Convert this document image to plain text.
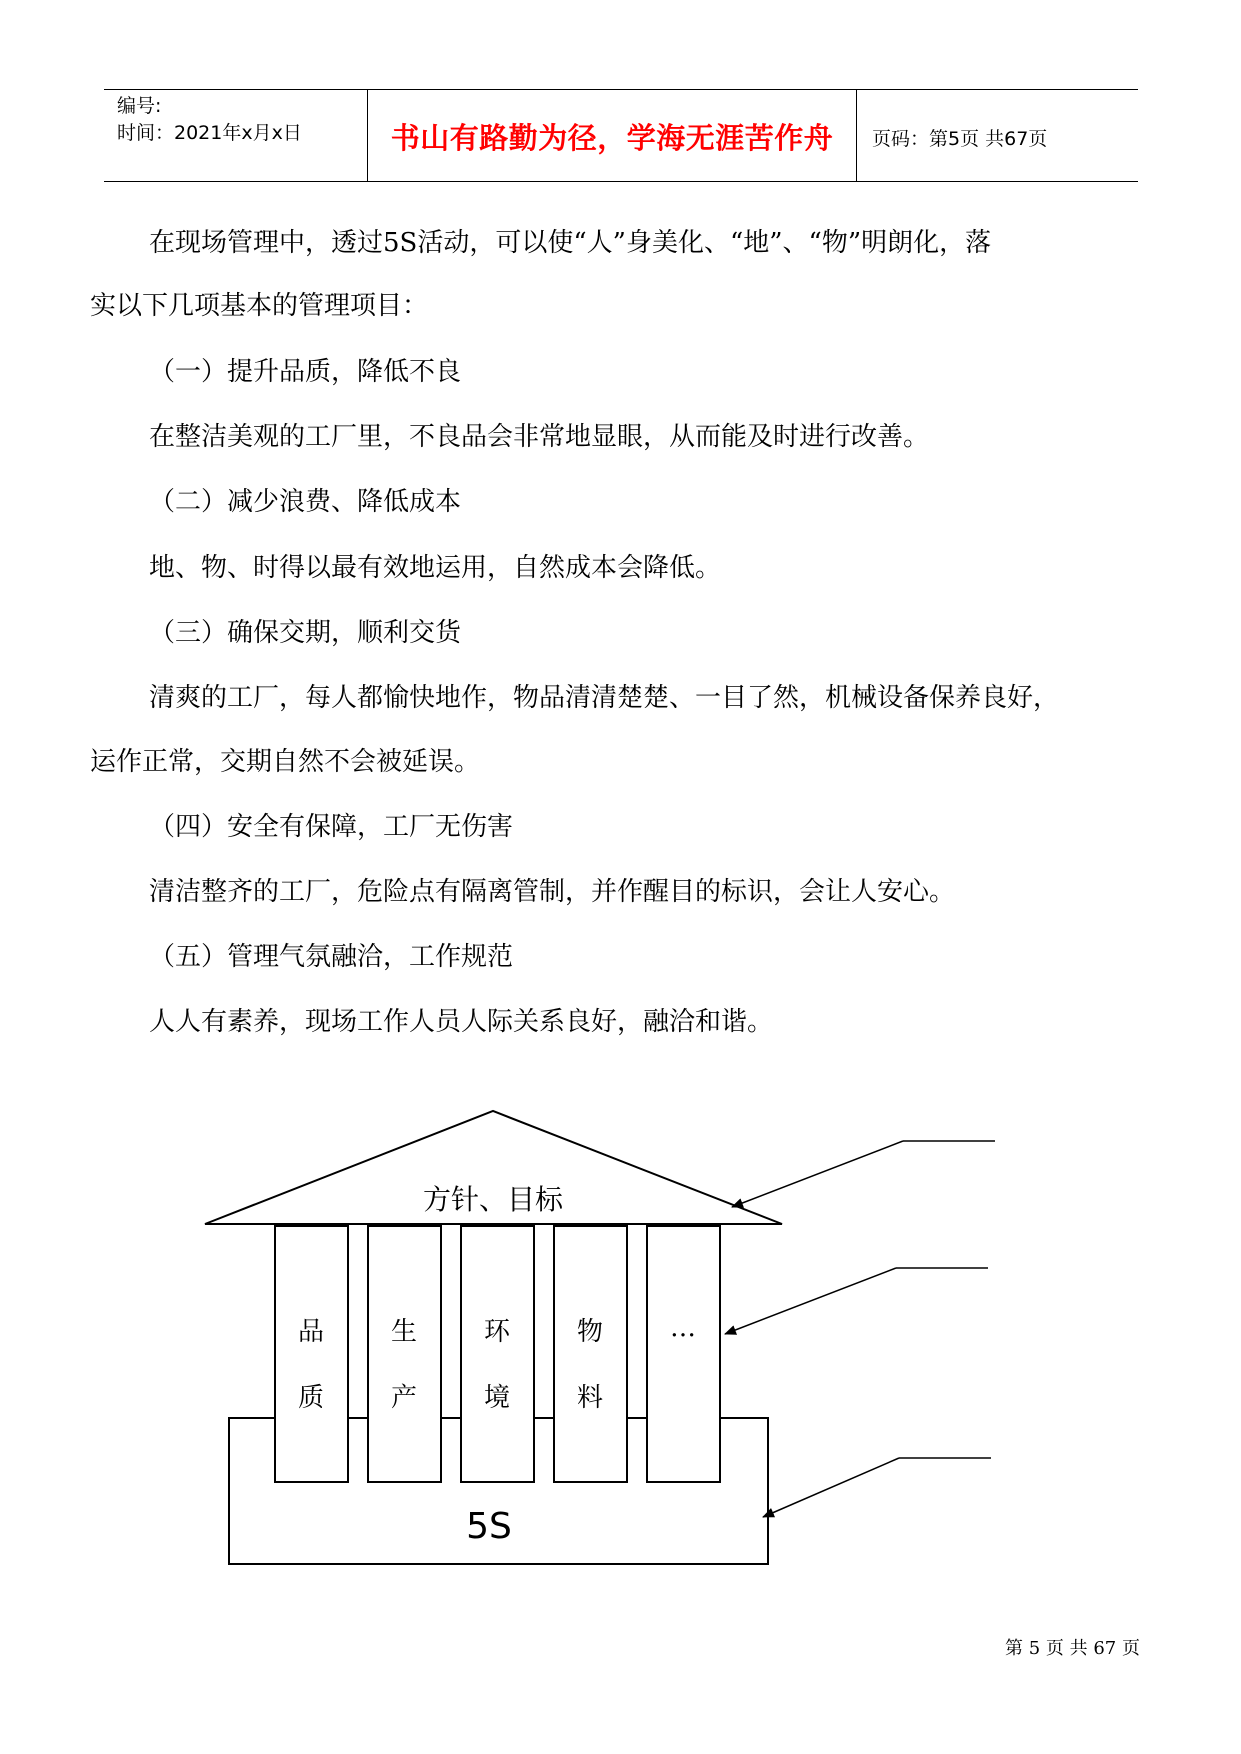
编号:
时间：2021年x月x日	书山有路勤为径，学海无涯苦作舟	页码：第5页 共67页
在现场管理中，透过5S活动，可以使“人”身美化、“地”、“物”明朗化，落
实以下几项基本的管理项目：
（一）提升品质，降低不良
在整洁美观的工厂里，不良品会非常地显眼，从而能及时进行改善。
（二）减少浪费、降低成本
地、物、时得以最有效地运用，自然成本会降低。
（三）确保交期，顺利交货
清爽的工厂，每人都愉快地作，物品清清楚楚、一目了然，机械设备保养良好，
运作正常，交期自然不会被延误。
（四）安全有保障，工厂无伤害
清洁整齐的工厂，危险点有隔离管制，并作醒目的标识，会让人安心。
（五）管理气氛融洽，工作规范
人人有素养，现场工作人员人际关系良好，融洽和谐。
方针、目标
5S
品
质
生
产
环
境
物
料
…
第 5 页 共 67 页
